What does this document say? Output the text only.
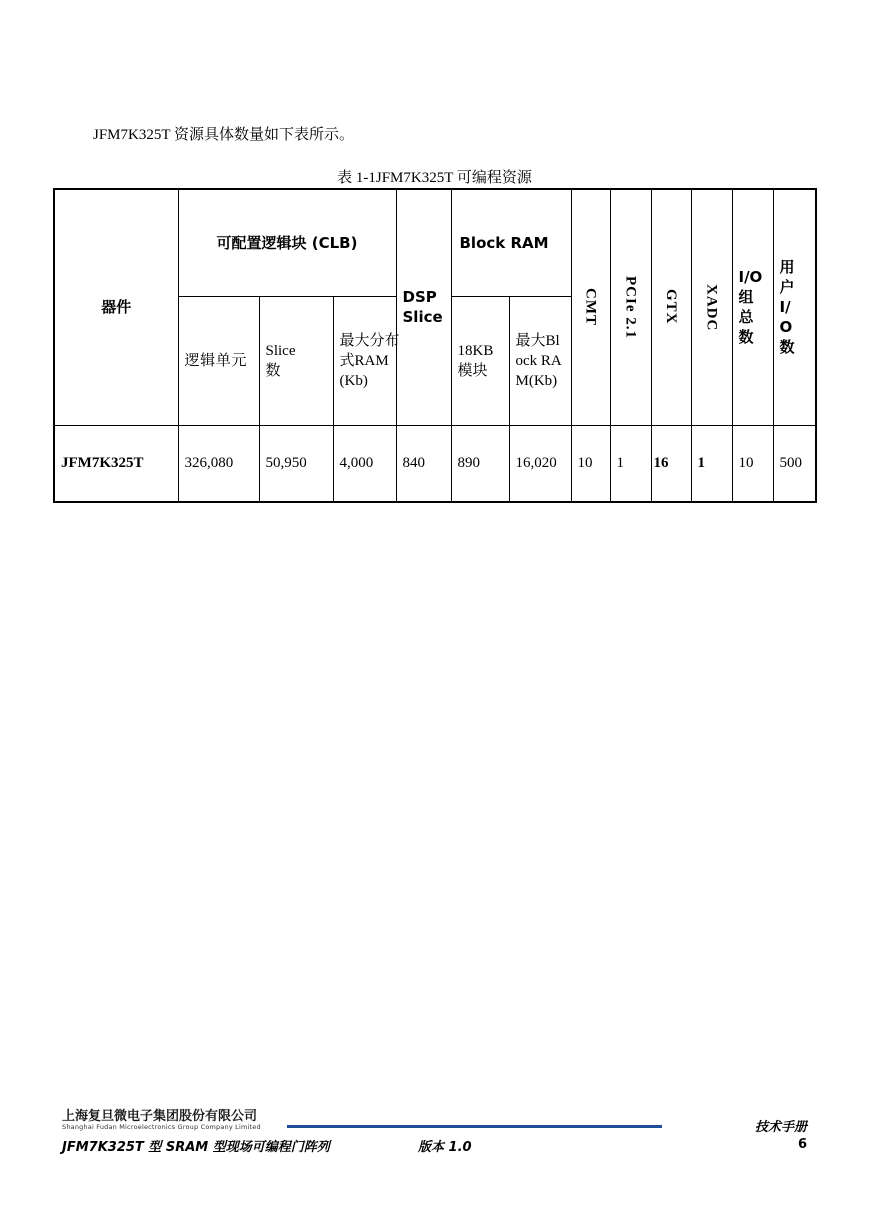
JFM7K325T 资源具体数量如下表所示。
表 1-1JFM7K325T 可编程资源
器件	可配置逻辑块 (CLB)			DSP Slice	Block RAM		CMT	PCIe 2.1	GTX	XADC	I/O组总数	用户I/O数

	逻辑单元	Slice数	最大分布式RAM(Kb)		18KB模块	最大Block RAM(Kb)						

JFM7K325T	326,080	50,950	4,000	840	890	16,020	10	1	16	1	10	500
上海复旦微电子集团股份有限公司
Shanghai Fudan Microelectronics Group Company Limited
JFM7K325T 型 SRAM 型现场可编程门阵列	版本 1.0
技术手册
6
